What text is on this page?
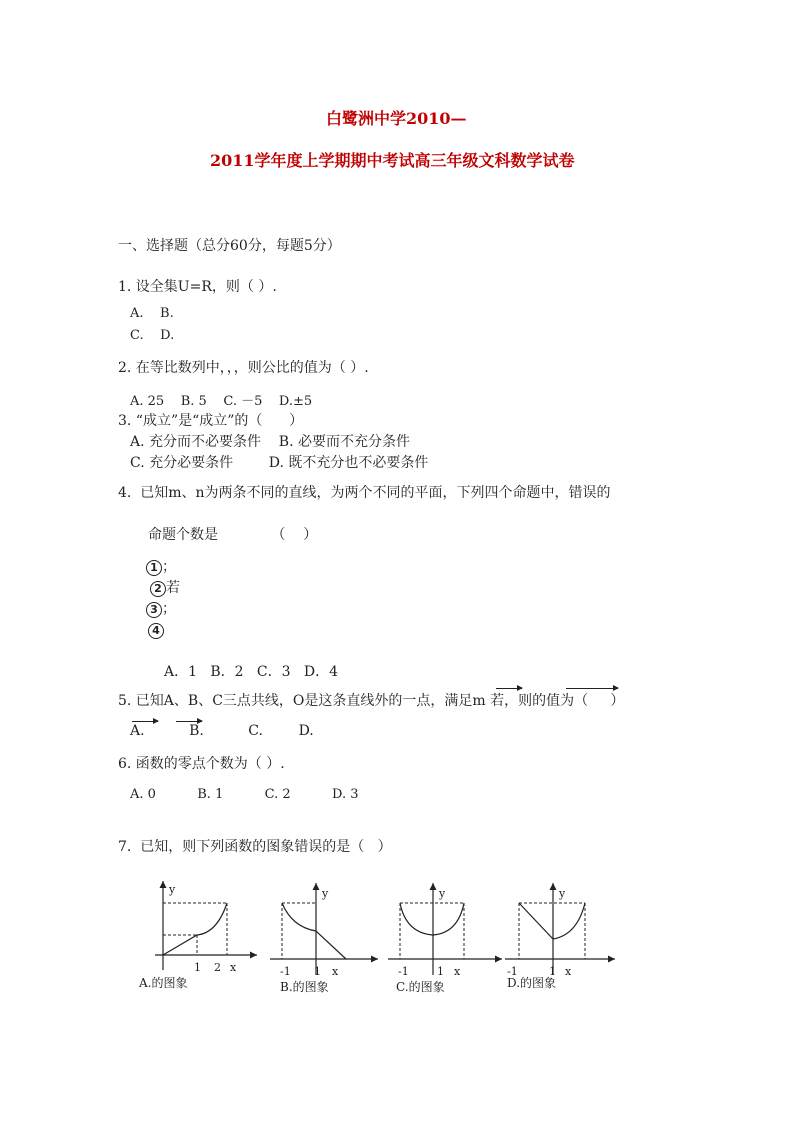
白鹭洲中学2010—
2011学年度上学期期中考试高三年级文科数学试卷
一、选择题（总分60分，每题5分）
1. 设全集U=R，则（ ）.
A.    B.
C.    D.
2. 在等比数列中，，，则公比的值为（ ）.
A. 25    B. 5    C. －5    D.±5
3. “成立”是“成立”的（      ）
A. 充分而不必要条件    B. 必要而不充分条件
C. 充分必要条件        D. 既不充分也不必要条件
4.  已知m、n为两条不同的直线，为两个不同的平面，下列四个命题中，错误的
命题个数是            （    ）
1 ；
2 若
3 ；
4
A．1   B．2   C．3   D．4
5. 已知A、B、C三点共线，O是这条直线外的一点，满足m 若，则的值为（     ）
A.          B.          C.        D.
6. 函数的零点个数为（ ）.
A. 0          B. 1          C. 2          D. 3
7.  已知，则下列函数的图象错误的是（   ）
y
1 2 x
A.的图象
y
-1 1 x
B.的图象
y
-1	1 x
C.的图象
y
-1	1 x
D.的图象
